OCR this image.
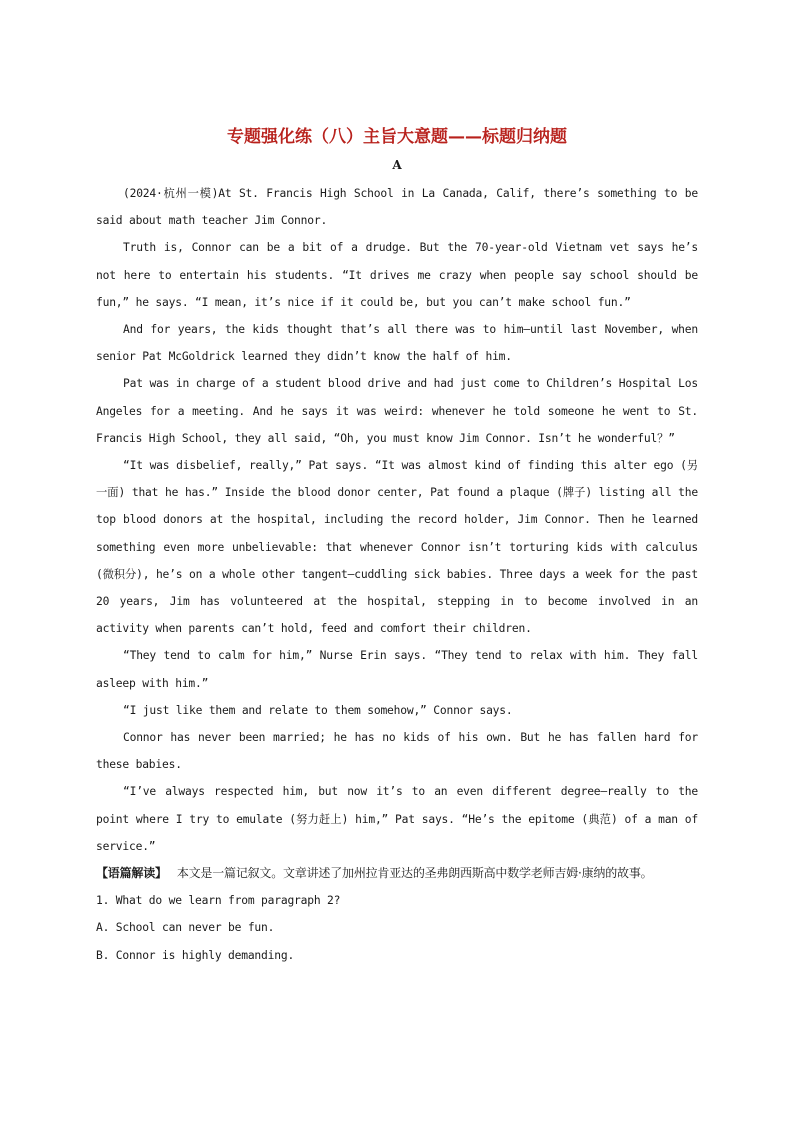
专题强化练（八）主旨大意题——标题归纳题
A

(2024·杭州一模)At St. Francis High School in La Canada, Calif, there’s something to be said about math teacher Jim Connor.

Truth is, Connor can be a bit of a drudge. But the 70-year-old Vietnam vet says he’s not here to entertain his students. “It drives me crazy when people say school should be fun,” he says. “I mean, it’s nice if it could be, but you can’t make school fun.”

And for years, the kids thought that’s all there was to him—until last November, when senior Pat McGoldrick learned they didn’t know the half of him.

Pat was in charge of a student blood drive and had just come to Children’s Hospital Los Angeles for a meeting. And he says it was weird: whenever he told someone he went to St. Francis High School, they all said, “Oh, you must know Jim Connor. Isn’t he wonderful？”

“It was disbelief, really,” Pat says. “It was almost kind of finding this alter ego (另一面) that he has.” Inside the blood donor center, Pat found a plaque (牌子) listing all the top blood donors at the hospital, including the record holder, Jim Connor. Then he learned something even more unbelievable: that whenever Connor isn’t torturing kids with calculus (微积分), he’s on a whole other tangent—cuddling sick babies. Three days a week for the past 20 years, Jim has volunteered at the hospital, stepping in to become involved in an activity when parents can’t hold, feed and comfort their children.

“They tend to calm for him,” Nurse Erin says. “They tend to relax with him. They fall asleep with him.”

“I just like them and relate to them somehow,” Connor says.

Connor has never been married; he has no kids of his own. But he has fallen hard for these babies.

“I’ve always respected him, but now it’s to an even different degree—really to the point where I try to emulate (努力赶上) him,” Pat says. “He’s the epitome (典范) of a man of service.”

【语篇解读】 本文是一篇记叙文。文章讲述了加州拉肯亚达的圣弗朗西斯高中数学老师吉姆·康纳的故事。

1. What do we learn from paragraph 2?

A. School can never be fun.

B. Connor is highly demanding.
